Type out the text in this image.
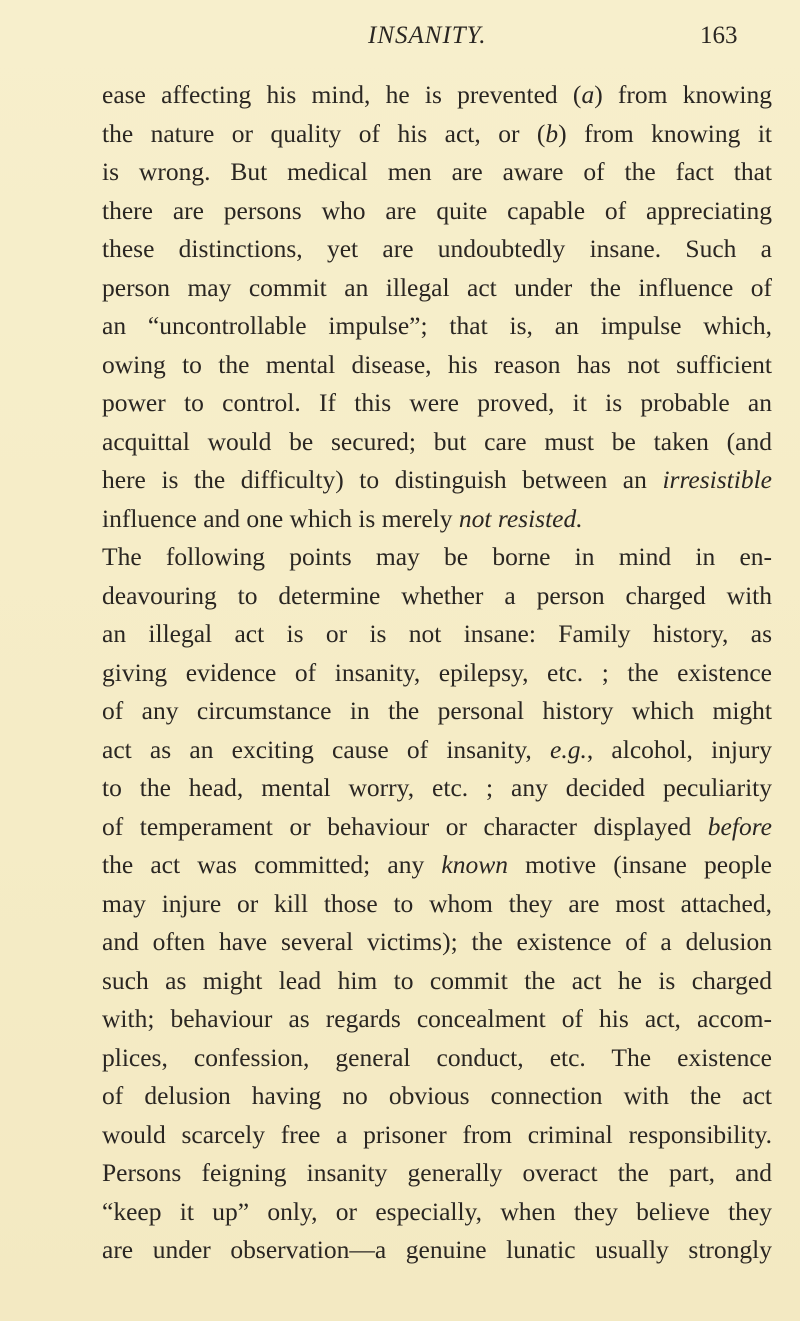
INSANITY.	163
ease affecting his mind, he is prevented (a) from knowing
the nature or quality of his act, or (b) from knowing it
is wrong. But medical men are aware of the fact that
there are persons who are quite capable of appreciating
these distinctions, yet are undoubtedly insane. Such a
person may commit an illegal act under the influence of
an “uncontrollable impulse”; that is, an impulse which,
owing to the mental disease, his reason has not sufficient
power to control. If this were proved, it is probable an
acquittal would be secured; but care must be taken (and
here is the difficulty) to distinguish between an irresistible
influence and one which is merely not resisted.
The following points may be borne in mind in en-
deavouring to determine whether a person charged with
an illegal act is or is not insane: Family history, as
giving evidence of insanity, epilepsy, etc. ; the existence
of any circumstance in the personal history which might
act as an exciting cause of insanity, e.g., alcohol, injury
to the head, mental worry, etc. ; any decided peculiarity
of temperament or behaviour or character displayed before
the act was committed; any known motive (insane people
may injure or kill those to whom they are most attached,
and often have several victims); the existence of a delusion
such as might lead him to commit the act he is charged
with; behaviour as regards concealment of his act, accom-
plices, confession, general conduct, etc. The existence
of delusion having no obvious connection with the act
would scarcely free a prisoner from criminal responsibility.
Persons feigning insanity generally overact the part, and
“keep it up” only, or especially, when they believe they
are under observation—a genuine lunatic usually strongly
